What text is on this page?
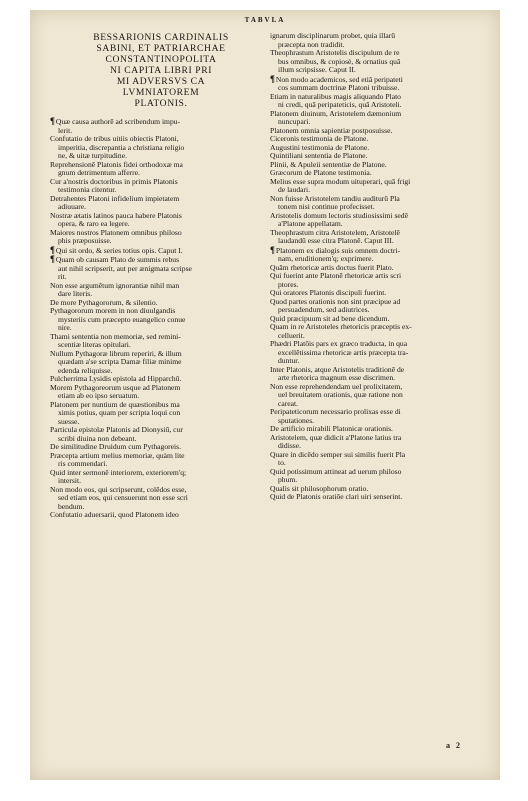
TABVLA
BESSARIONIS CARDINALIS
SABINI, ET PATRIARCHAE
CONSTANTINOPOLITA
NI CAPITA LIBRI PRI
MI ADVERSVS CA
LVMNIATOREM
PLATONIS.
¶ Quæ causa authorē ad scribendum impu-
lerit.
Confutatio de tribus uitiis obiectis Platoni,
imperitia, discrepantia a christiana religio
ne, & uitæ turpitudine.
Reprehensionē Platonis fidei orthodoxæ ma
gnum detrimentum afferre.
Cur a'nostris doctoribus in primis Platonis
testimonia citentur.
Detrahentes Platoni infidelium impietatem
adiuuare.
Nostræ ætatis latinos pauca habere Platonis
opera, & raro ea legere.
Maiores nostros Platonem omnibus philoso
phis præposuisse.
¶ Qui sit ordo, & series totius opis. Caput I.
¶ Quam ob causam Plato de summis rebus
aut nihil scripserit, aut per ænigmata scripse
rit.
Non esse argumētum ignorantiæ nihil man
dare literis.
De more Pythagororum, & silentio.
Pythagororum morem in non diuulgandis
mysteriis cum præcepto euangelico conue
nire.
Thami sententia non memoriæ, sed remini-
scentiæ literas opitulari.
Nullum Pythagoræ librum reperiri, & illum
quædam a'se scripta Damæ filiæ minime
edenda reliquisse.
Pulcherrima Lysidis epistola ad Hipparchū.
Morem Pythagoreorum usque ad Platonem
etiam ab eo ipso seruatum.
Platonem per nuntium de quæstionibus ma
ximis potius, quam per scripta loqui con
suesse.
Particula epistolæ Platonis ad Dionysiū, cur
scribi diuina non debeant.
De similitudine Druidum cum Pythagoreis.
Præcepta artium melius memoriæ, quàm lite
ris commendari.
Quid inter sermonē interiorem, exteriorem'q;
intersit.
Non modo eos, qui scripserunt, colēdos esse,
sed etiam eos, qui censuerunt non esse scri
bendum.
Confutatio aduersarii, quod Platonem ideo
ignarum disciplinarum probet, quia illarū
præcepta non tradidit.
Theophrastum Aristotelis discipulum de re
bus omnibus, & copiosè, & ornatius quā
illum scripsisse. Caput II.
¶ Non modo academicos, sed etiā peripateti
cos summam doctrinæ Platoni tribuisse.
Etiam in naturalibus magis aliquando Plato
ni credi, quā peripateticis, quā Aristoteli.
Platonem diuinum, Aristotelem dæmonium
nuncupari.
Platonem omnia sapientiæ postposuisse.
Ciceronis testimonia de Platone.
Augustini testimonia de Platone.
Quintiliani sententia de Platone.
Plinii, & Apuleii sententiæ de Platone.
Græcorum de Platone testimonia.
Melius esse supra modum uituperari, quā frigi
de laudari.
Non fuisse Aristotelem tandiu auditurū Pla
tonem nisi continue profecisset.
Aristotelis domum lectoris studiosissimi sedē
a'Platone appellatam.
Theophrastum citra Aristotelem, Aristotelē
laudandū esse citra Platonē. Caput III.
¶ Platonem ex dialogis suis omnem doctri-
nam, eruditionem'q; exprimere.
Quām rhetoricæ artis doctus fuerit Plato.
Qui fuerint ante Platonē rhetoricæ artis scri
ptores.
Qui oratores Platonis discipuli fuerint.
Quod partes orationis non sint præcipue ad
persuadendum, sed adiutrices.
Quid præcipuum sit ad bene dicendum.
Quam in re Aristoteles rhetoricis præceptis ex-
celluerit.
Phædri Platōis pars ex græco traducta, in qua
excellētissima rhetoricæ artis præcepta tra-
duntur.
Inter Platonis, atque Aristotelis traditionē de
arte rhetorica magnum esse discrimen.
Non esse reprehendendam uel prolixitatem,
uel breuitatem orationis, quæ ratione non
careat.
Peripateticorum necessario prolixas esse di
sputationes.
De artificio mirabili Platonicæ orationis.
Aristotelem, quæ didicit a'Platone latius tra
didisse.
Quare in dicēdo semper sui similis fuerit Pla
to.
Quid potissimum attineat ad uerum philoso
phum.
Qualis sit philosophorum oratio.
Quid de Platonis oratiōe clari uiri senserint.
a 2
